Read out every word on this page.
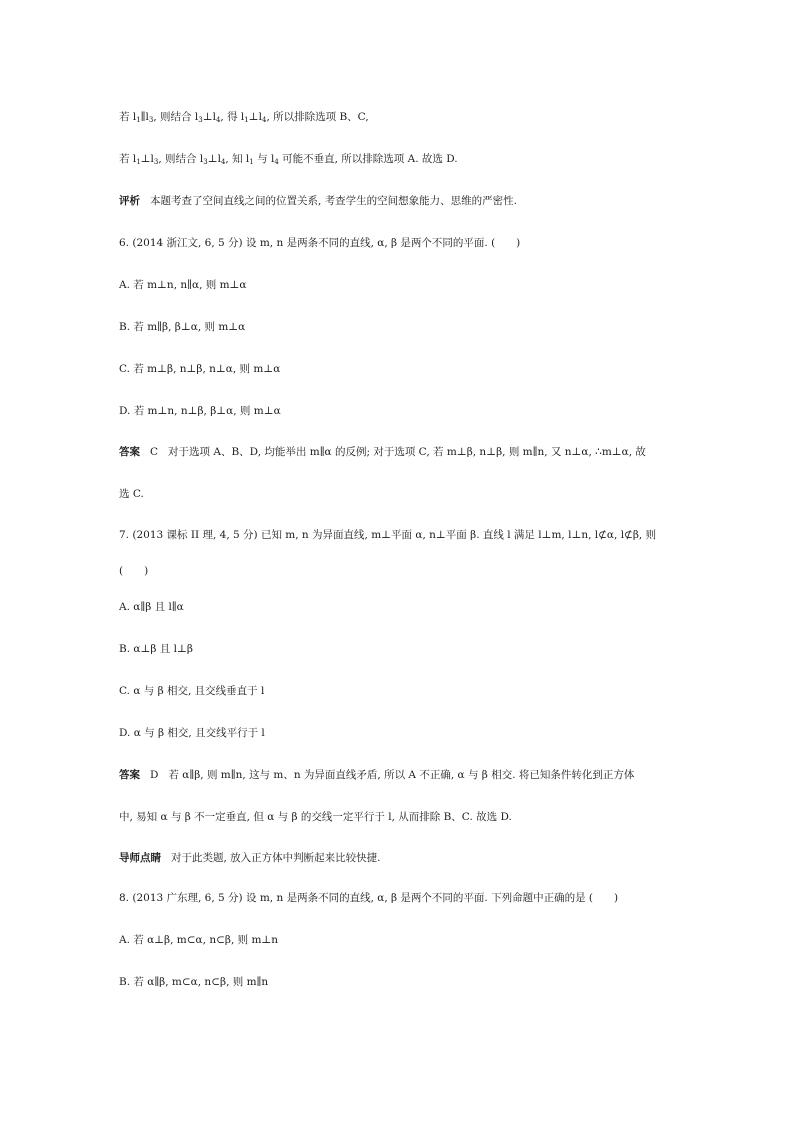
若 $l_1\parallel l_3$, 则结合 $l_3\perp l_4$, 得 $l_1\perp l_4$, 所以排除选项 B、C,
若 $l_1\perp l_3$, 则结合 $l_3\perp l_4$, 知 $l_1$ 与 $l_4$ 可能不垂直, 所以排除选项 A. 故选 D.
评析 本题考查了空间直线之间的位置关系, 考查学生的空间想象能力、思维的严密性.
6. (2014 浙江文, 6, 5 分) 设 m, n 是两条不同的直线, α, β 是两个不同的平面. (　　)
A. 若 m⊥n, n∥α, 则 m⊥α
B. 若 m∥β, β⊥α, 则 m⊥α
C. 若 m⊥β, n⊥β, n⊥α, 则 m⊥α
D. 若 m⊥n, n⊥β, β⊥α, 则 m⊥α
答案 C 对于选项 A、B、D, 均能举出 m∥α 的反例; 对于选项 C, 若 m⊥β, n⊥β, 则 m∥n, 又 n⊥α, ∴m⊥α, 故
选 C.
7. (2013 课标 II 理, 4, 5 分) 已知 m, n 为异面直线, m⊥平面 α, n⊥平面 β. 直线 l 满足 l⊥m, l⊥n, l⊄α, l⊄β, 则
(　　)
A. α∥β 且 l∥α
B. α⊥β 且 l⊥β
C. α 与 β 相交, 且交线垂直于 l
D. α 与 β 相交, 且交线平行于 l
答案 D 若 α∥β, 则 m∥n, 这与 m、n 为异面直线矛盾, 所以 A 不正确, α 与 β 相交. 将已知条件转化到正方体
中, 易知 α 与 β 不一定垂直, 但 α 与 β 的交线一定平行于 l, 从而排除 B、C. 故选 D.
导师点睛 对于此类题, 放入正方体中判断起来比较快捷.
8. (2013 广东理, 6, 5 分) 设 m, n 是两条不同的直线, α, β 是两个不同的平面. 下列命题中正确的是 (　　)
A. 若 α⊥β, m⊂α, n⊂β, 则 m⊥n
B. 若 α∥β, m⊂α, n⊂β, 则 m∥n
